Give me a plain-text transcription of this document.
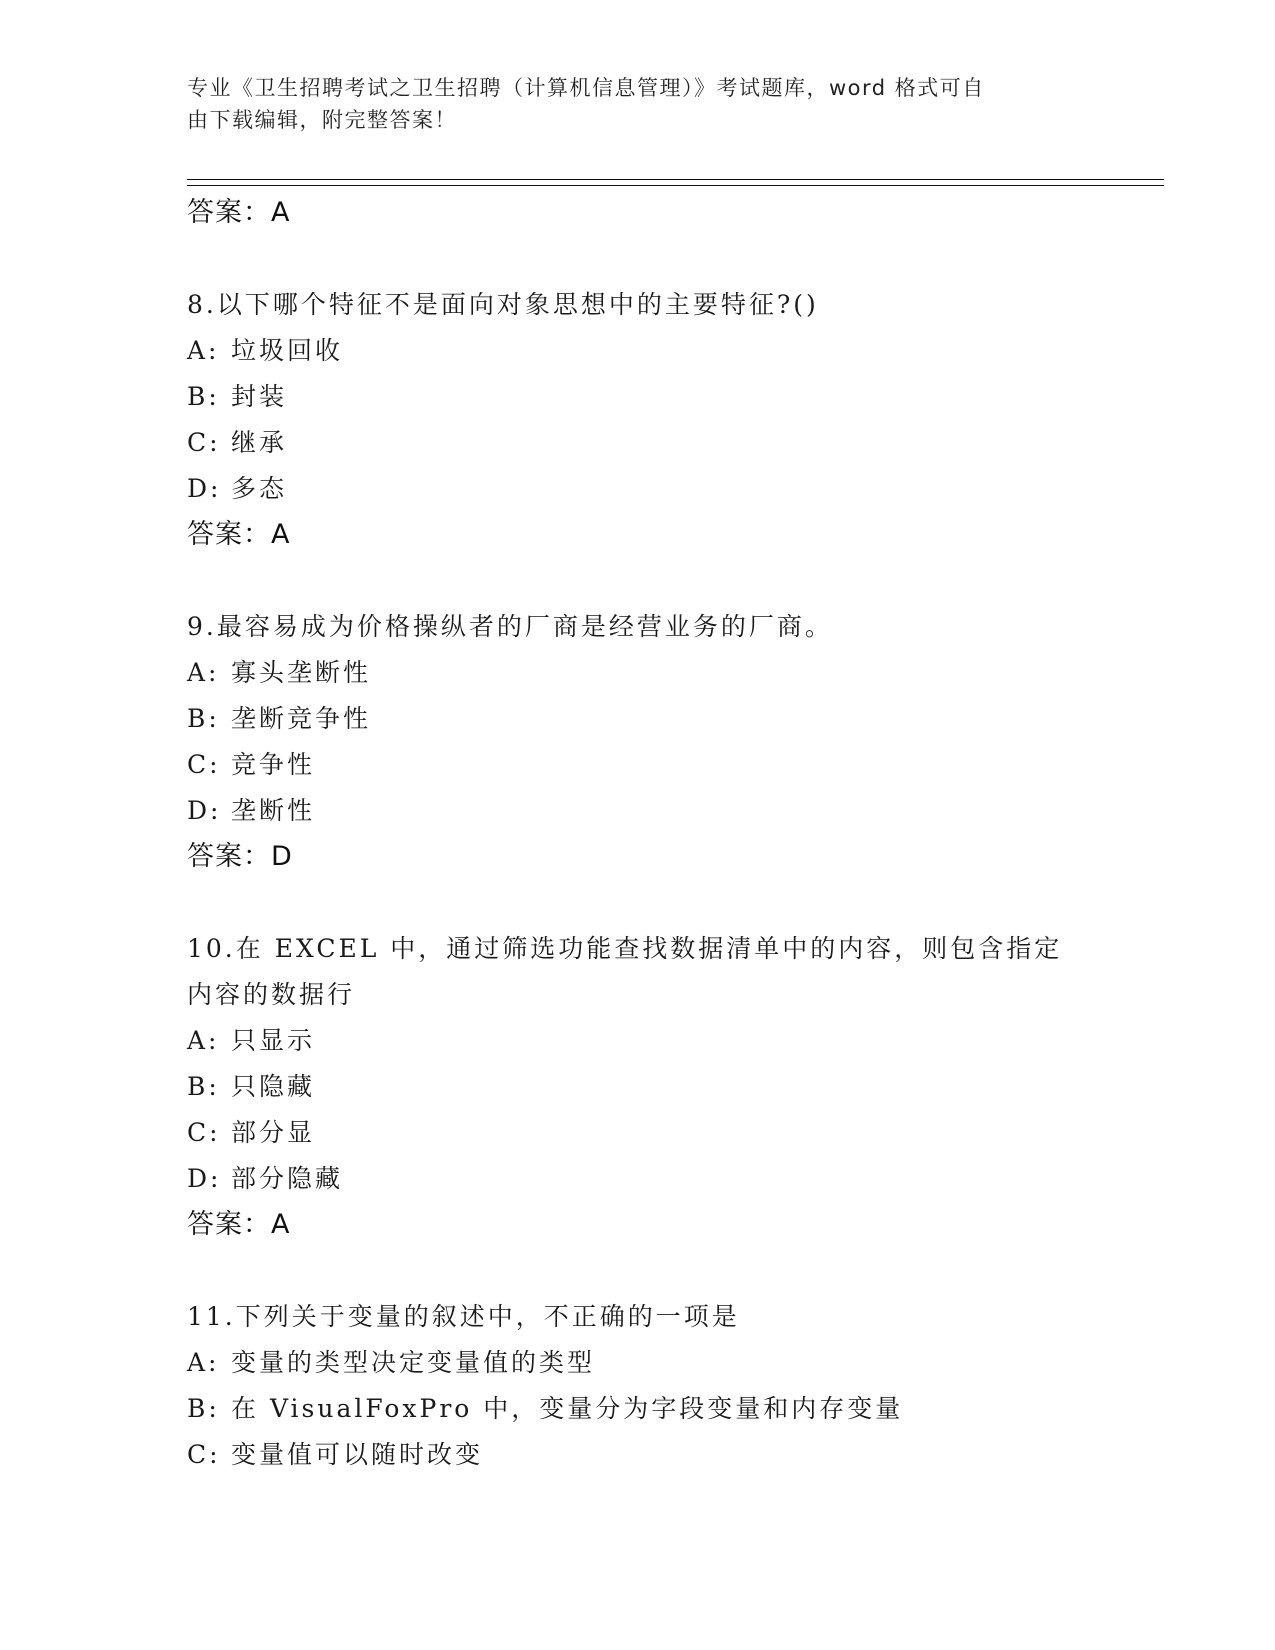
专业《卫生招聘考试之卫生招聘（计算机信息管理）》考试题库，word 格式可自
由下载编辑，附完整答案！
答案：A
8.以下哪个特征不是面向对象思想中的主要特征?()
A: 垃圾回收
B: 封装
C: 继承
D: 多态
答案：A
9.最容易成为价格操纵者的厂商是经营业务的厂商。
A: 寡头垄断性
B: 垄断竞争性
C: 竞争性
D: 垄断性
答案：D
10.在 EXCEL 中，通过筛选功能查找数据清单中的内容，则包含指定内容的数据行
A: 只显示
B: 只隐藏
C: 部分显
D: 部分隐藏
答案：A
11.下列关于变量的叙述中，不正确的一项是
A: 变量的类型决定变量值的类型
B: 在 VisualFoxPro 中，变量分为字段变量和内存变量
C: 变量值可以随时改变
